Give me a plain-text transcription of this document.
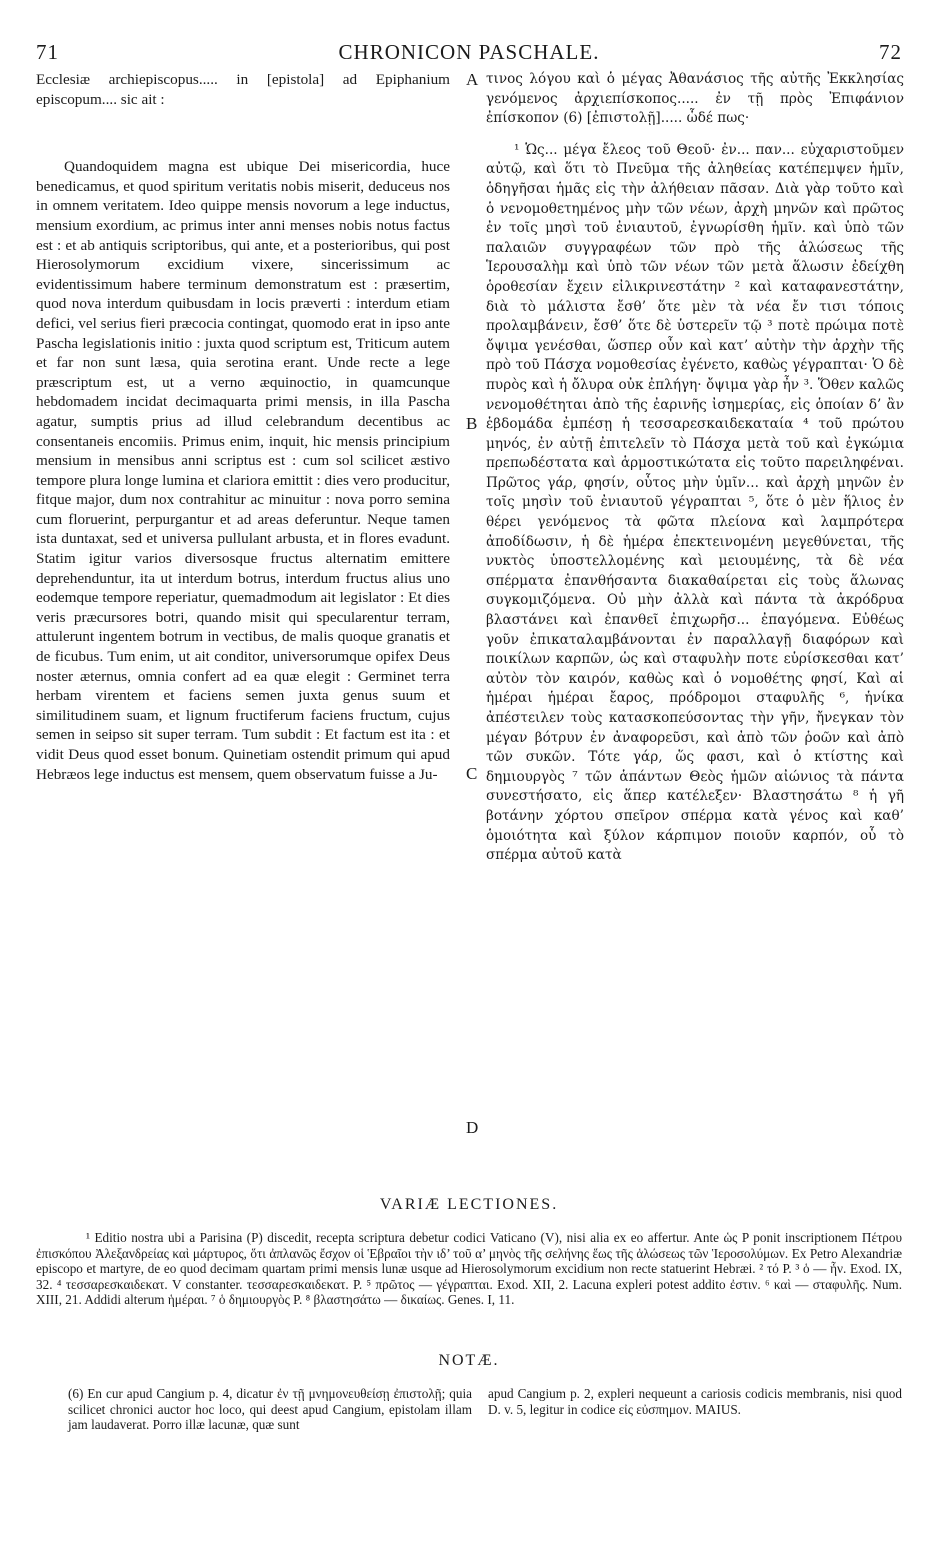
71	CHRONICON PASCHALE.	72

Ecclesiæ archiepiscopus..... in [epistola] ad Epiphanium episcopum.... sic ait :

Quandoquidem magna est ubique Dei misericordia, huce benedicamus, et quod spiritum veritatis nobis miserit, deduceus nos in omnem veritatem. Ideo quippe mensis novorum a lege inductus, mensium exordium, ac primus inter anni menses nobis notus factus est : et ab antiquis scriptoribus, qui ante, et a posterioribus, qui post Hierosolymorum excidium vixere, sincerissimum ac evidentissimum habere terminum demonstratum est : præsertim, quod nova interdum quibusdam in locis præverti : interdum etiam defici, vel serius fieri præcocia contingat, quomodo erat in ipso ante Pascha legislationis initio : juxta quod scriptum est, Triticum autem et far non sunt læsa, quia serotina erant. Unde recte a lege præscriptum est, ut a verno æquinoctio, in quamcunque hebdomadem incidat decimaquarta primi mensis, in illa Pascha agatur, sumptis prius ad illud celebrandum decentibus ac consentaneis encomiis. Primus enim, inquit, hic mensis principium mensium in mensibus anni scriptus est : cum sol scilicet æstivo tempore plura longe lumina et clariora emittit : dies vero producitur, fitque major, dum nox contrahitur ac minuitur : nova porro semina cum floruerint, perpurgantur et ad areas deferuntur. Neque tamen ista duntaxat, sed et universa pullulant arbusta, et in flores evadunt. Statim igitur varios diversosque fructus alternatim emittere deprehenduntur, ita ut interdum botrus, interdum fructus alius uno eodemque tempore reperiatur, quemadmodum ait legislator : Et dies veris præcursores botri, quando misit qui specularentur terram, attulerunt ingentem botrum in vectibus, de malis quoque granatis et de ficubus. Tum enim, ut ait conditor, universorumque opifex Deus noster æternus, omnia confert ad ea quæ elegit : Germinet terra herbam virentem et faciens semen juxta genus suum et similitudinem suam, et lignum fructiferum faciens fructum, cujus semen in seipso sit super terram. Tum subdit : Et factum est ita : et vidit Deus quod esset bonum. Quinetiam ostendit primum qui apud Hebræos lege inductus est mensem, quem observatum fuisse a Ju-

τινος λόγου καὶ ὁ μέγας Ἀθανάσιος τῆς αὐτῆς Ἐκκλησίας γενόμενος ἀρχιεπίσκοπος..... ἐν τῇ πρὸς Ἐπιφάνιον ἐπίσκοπον (6) [ἐπιστολῇ]..... ὧδέ πως·

¹ Ὡς... μέγα ἔλεος τοῦ Θεοῦ· ἐν... παν... εὐχαριστοῦμεν αὐτῷ, καὶ ὅτι τὸ Πνεῦμα τῆς ἀληθείας κατέπεμψεν ἡμῖν, ὁδηγῆσαι ἡμᾶς εἰς τὴν ἀλήθειαν πᾶσαν. Διὰ γὰρ τοῦτο καὶ ὁ νενομοθετημένος μὴν τῶν νέων, ἀρχὴ μηνῶν καὶ πρῶτος ἐν τοῖς μησὶ τοῦ ἐνιαυτοῦ, ἐγνωρίσθη ἡμῖν. καὶ ὑπὸ τῶν παλαιῶν συγγραφέων τῶν πρὸ τῆς ἁλώσεως τῆς Ἱερουσαλὴμ καὶ ὑπὸ τῶν νέων τῶν μετὰ ἅλωσιν ἐδείχθη ὁροθεσίαν ἔχειν εἰλικρινεστάτην ² καὶ καταφανεστάτην, διὰ τὸ μάλιστα ἔσθ’ ὅτε μὲν τὰ νέα ἔν τισι τόποις προλαμβάνειν, ἔσθ’ ὅτε δὲ ὑστερεῖν τῷ ³ ποτὲ πρώιμα ποτὲ ὄψιμα γενέσθαι, ὥσπερ οὖν καὶ κατ’ αὐτὴν τὴν ἀρχὴν τῆς πρὸ τοῦ Πάσχα νομοθεσίας ἐγένετο, καθὼς γέγραπται· Ὁ δὲ πυρὸς καὶ ἡ ὄλυρα οὐκ ἐπλήγη· ὄψιμα γὰρ ἦν ³. Ὅθεν καλῶς νενομοθέτηται ἀπὸ τῆς ἐαρινῆς ἰσημερίας, εἰς ὁποίαν δ’ ἂν ἑβδομάδα ἐμπέσῃ ἡ τεσσαρεσκαιδεκαταία ⁴ τοῦ πρώτου μηνός, ἐν αὐτῇ ἐπιτελεῖν τὸ Πάσχα μετὰ τοῦ καὶ ἐγκώμια πρεπωδέστατα καὶ ἁρμοστικώτατα εἰς τοῦτο παρειληφέναι. Πρῶτος γάρ, φησίν, οὗτος μὴν ὑμῖν... καὶ ἀρχὴ μηνῶν ἐν τοῖς μησὶν τοῦ ἐνιαυτοῦ γέγραπται ⁵, ὅτε ὁ μὲν ἥλιος ἐν θέρει γενόμενος τὰ φῶτα πλείονα καὶ λαμπρότερα ἀποδίδωσιν, ἡ δὲ ἡμέρα ἐπεκτεινομένη μεγεθύνεται, τῆς νυκτὸς ὑποστελλομένης καὶ μειουμένης, τὰ δὲ νέα σπέρματα ἐπανθήσαντα διακαθαίρεται εἰς τοὺς ἅλωνας συγκομιζόμενα. Οὐ μὴν ἀλλὰ καὶ πάντα τὰ ἀκρόδρυα βλαστάνει καὶ ἐπανθεῖ ἐπιχωρῆσ... ἐπαγόμενα. Εὐθέως γοῦν ἐπικαταλαμβάνονται ἐν παραλλαγῇ διαφόρων καὶ ποικίλων καρπῶν, ὡς καὶ σταφυλὴν ποτε εὑρίσκεσθαι κατ’ αὐτὸν τὸν καιρόν, καθὼς καὶ ὁ νομοθέτης φησί, Καὶ αἱ ἡμέραι ἡμέραι ἔαρος, πρόδρομοι σταφυλῆς ⁶, ἡνίκα ἀπέστειλεν τοὺς κατασκοπεύσοντας τὴν γῆν, ἤνεγκαν τὸν μέγαν βότρυν ἐν ἀναφορεῦσι, καὶ ἀπὸ τῶν ῥοῶν καὶ ἀπὸ τῶν συκῶν. Τότε γάρ, ὥς φασι, καὶ ὁ κτίστης καὶ δημιουργὸς ⁷ τῶν ἁπάντων Θεὸς ἡμῶν αἰώνιος τὰ πάντα συνεστήσατο, εἰς ἅπερ κατέλεξεν· Βλαστησάτω ⁸ ἡ γῆ βοτάνην χόρτου σπεῖρον σπέρμα κατὰ γένος καὶ καθ’ ὁμοιότητα καὶ ξύλον κάρπιμον ποιοῦν καρπόν, οὗ τὸ σπέρμα αὐτοῦ κατὰ

A
B
C
D
VARIÆ LECTIONES.
¹ Editio nostra ubi a Parisina (P) discedit, recepta scriptura debetur codici Vaticano (V), nisi alia ex eo affertur. Ante ὡς P ponit inscriptionem Πέτρου ἐπισκόπου Ἀλεξανδρείας καὶ μάρτυρος, ὅτι ἀπλανῶς ἔσχον οἱ Ἑβραῖοι τὴν ιδ’ τοῦ α’ μηνὸς τῆς σελήνης ἕως τῆς ἁλώσεως τῶν Ἱεροσολύμων. Ex Petro Alexandriæ episcopo et martyre, de eo quod decimam quartam primi mensis lunæ usque ad Hierosolymorum excidium non recte statuerint Hebræi. ² τό P. ³ ὁ — ἦν. Exod. IX, 32. ⁴ τεσσαρεσκαιδεκατ. V constanter. τεσσαρεσκαιδεκατ. P. ⁵ πρῶτος — γέγραπται. Exod. XII, 2. Lacuna expleri potest addito ἐστιν. ⁶ καὶ — σταφυλῆς. Num. XIII, 21. Addidi alterum ἡμέραι. ⁷ ὁ δημιουργὸς P. ⁸ βλαστησάτω — δικαίως. Genes. I, 11.
NOTÆ.
(6) En cur apud Cangium p. 4, dicatur ἐν τῇ μνημονευθείσῃ ἐπιστολῇ; quia scilicet chronici auctor hoc loco, qui deest apud Cangium, epistolam illam jam laudaverat. Porro illæ lacunæ, quæ sunt
apud Cangium p. 2, expleri nequeunt a cariosis codicis membranis, nisi quod D. v. 5, legitur in codice εἰς εὐσπημον. MAIUS.
